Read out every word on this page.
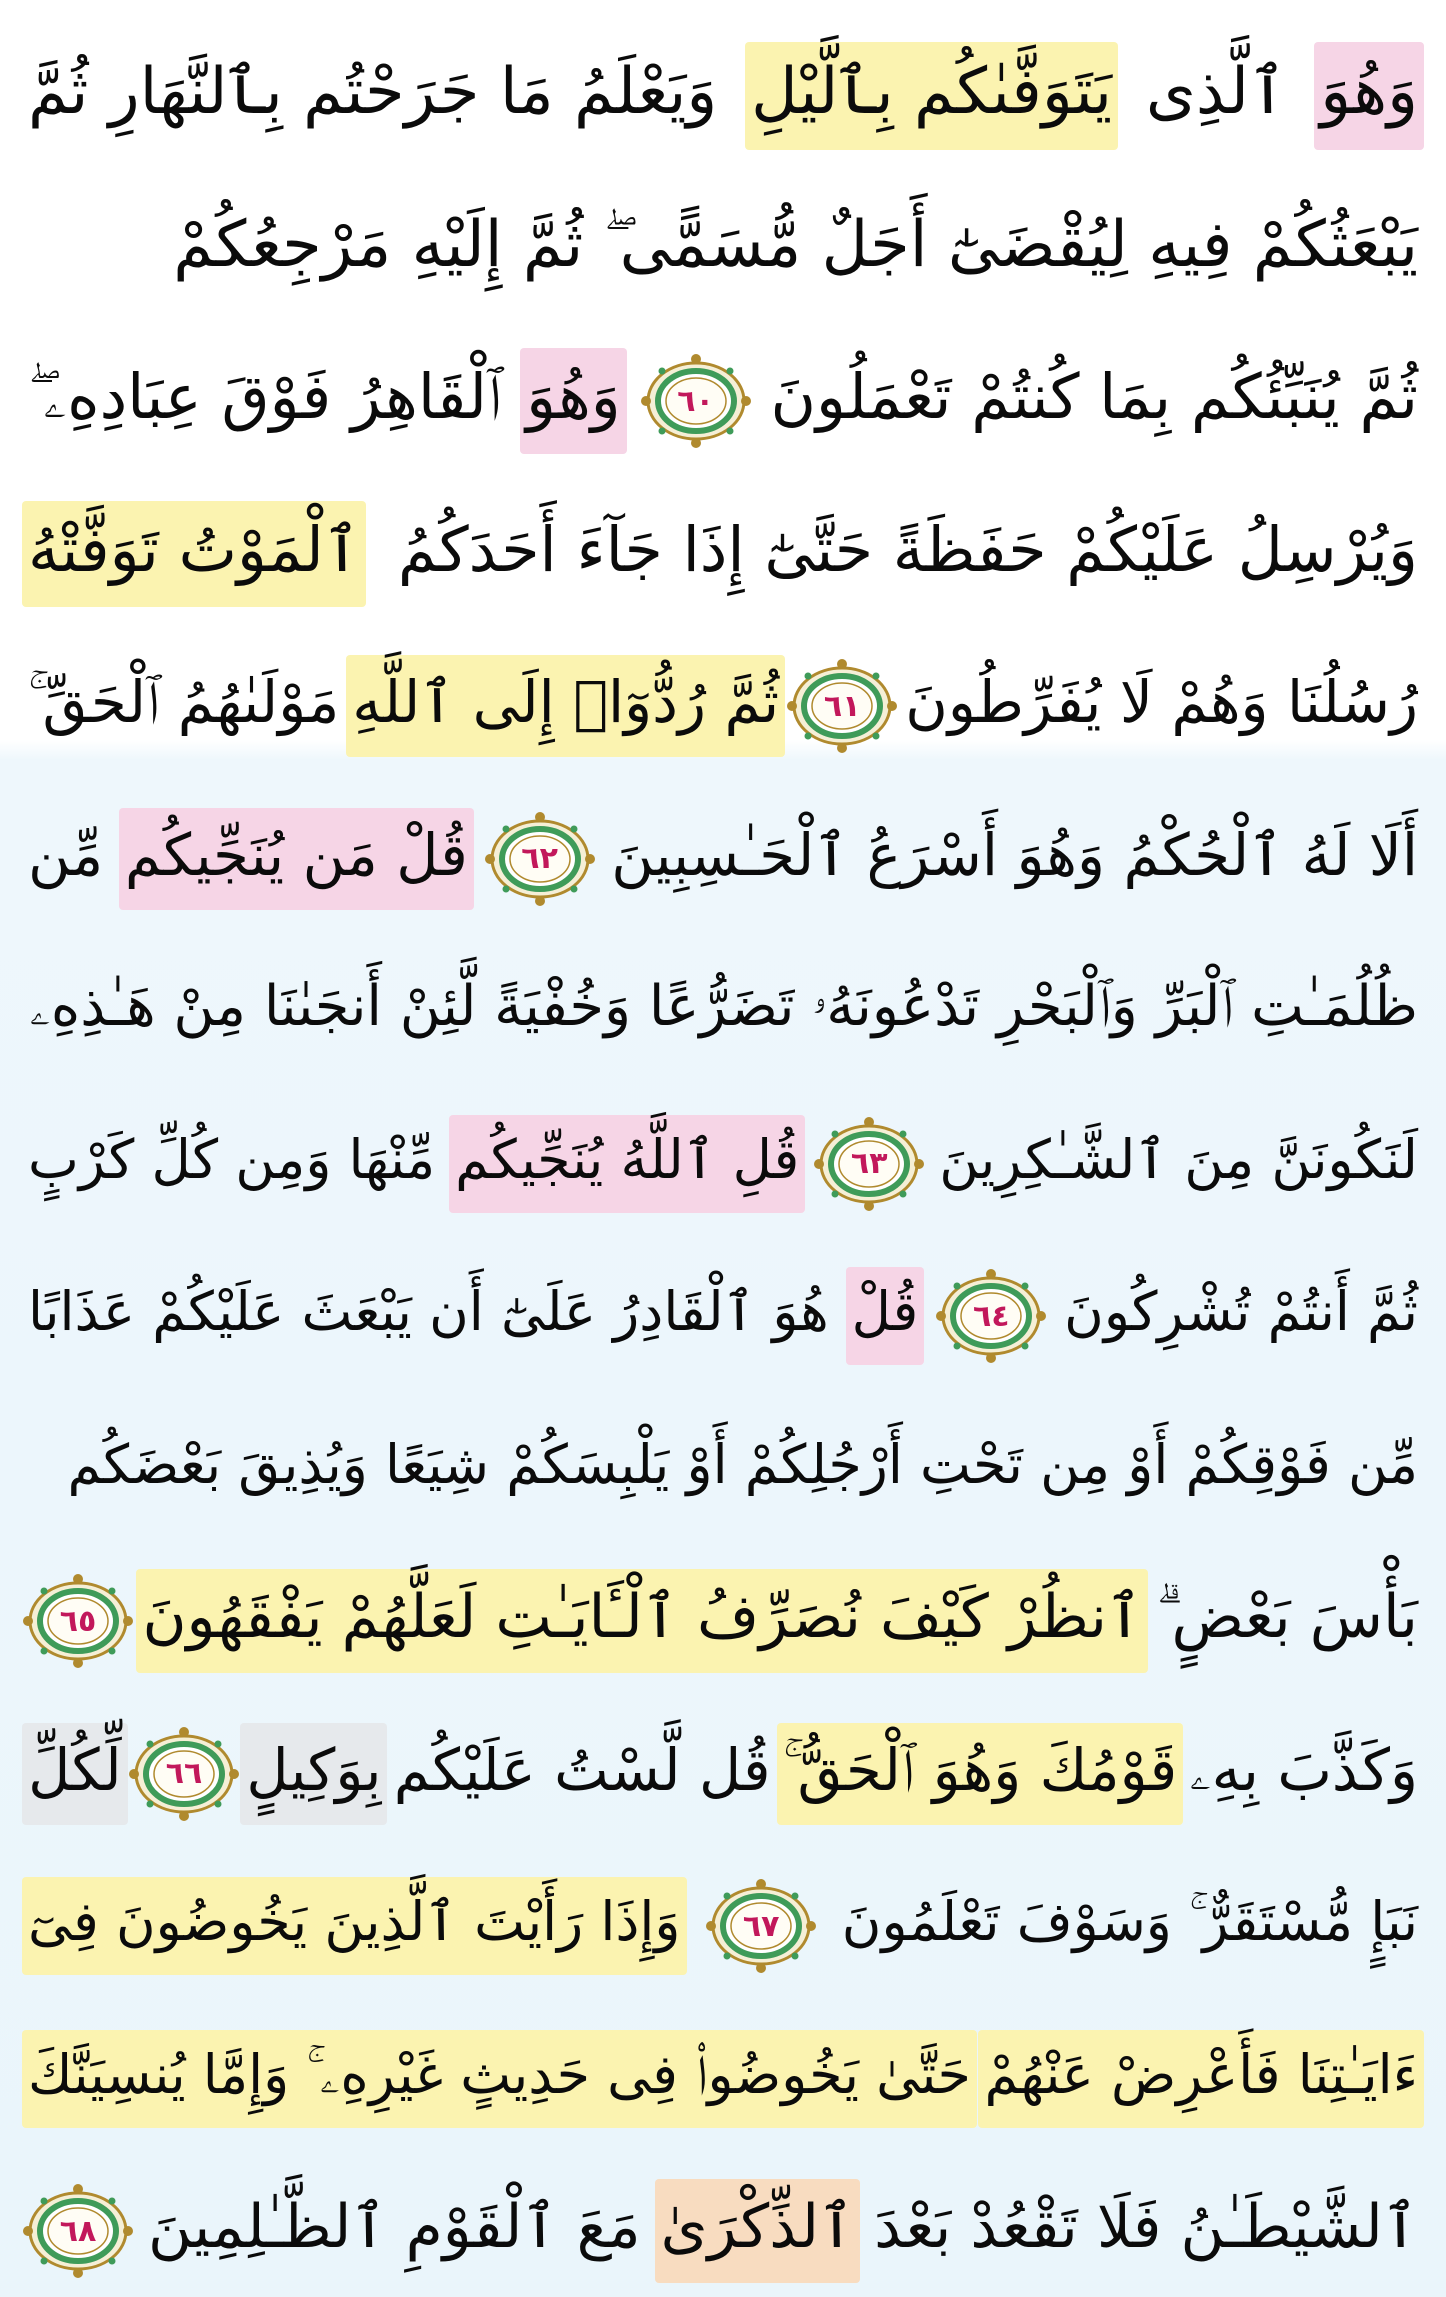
وَهُوَ
ٱلَّذِى
يَتَوَفَّىٰكُم بِٱلَّيْلِ
وَيَعْلَمُ مَا جَرَحْتُم بِٱلنَّهَارِ ثُمَّ
يَبْعَثُكُمْ فِيهِ لِيُقْضَىٰٓ أَجَلٌ مُّسَمًّى ۖ ثُمَّ إِلَيْهِ مَرْجِعُكُمْ
ثُمَّ يُنَبِّئُكُم بِمَا كُنتُمْ تَعْمَلُونَ
٦٠
وَهُوَ
ٱلْقَاهِرُ فَوْقَ عِبَادِهِۦ ۖ
وَيُرْسِلُ عَلَيْكُمْ حَفَظَةً حَتَّىٰٓ إِذَا جَآءَ أَحَدَكُمُ
ٱلْمَوْتُ تَوَفَّتْهُ
رُسُلُنَا وَهُمْ لَا يُفَرِّطُونَ
٦١
ثُمَّ رُدُّوٓا۟ إِلَى ٱللَّهِ
مَوْلَىٰهُمُ ٱلْحَقِّ ۚ
أَلَا لَهُ ٱلْحُكْمُ وَهُوَ أَسْرَعُ ٱلْحَـٰسِبِينَ
٦٢
قُلْ مَن يُنَجِّيكُم
مِّن
ظُلُمَـٰتِ ٱلْبَرِّ وَٱلْبَحْرِ تَدْعُونَهُۥ تَضَرُّعًا وَخُفْيَةً لَّئِنْ أَنجَىٰنَا مِنْ هَـٰذِهِۦ
لَنَكُونَنَّ مِنَ ٱلشَّـٰكِرِينَ
٦٣
قُلِ ٱللَّهُ يُنَجِّيكُم
مِّنْهَا وَمِن كُلِّ كَرْبٍ
ثُمَّ أَنتُمْ تُشْرِكُونَ
٦٤
قُلْ
هُوَ ٱلْقَادِرُ عَلَىٰٓ أَن يَبْعَثَ عَلَيْكُمْ عَذَابًا
مِّن فَوْقِكُمْ أَوْ مِن تَحْتِ أَرْجُلِكُمْ أَوْ يَلْبِسَكُمْ شِيَعًا وَيُذِيقَ بَعْضَكُم
بَأْسَ بَعْضٍ ۗ
ٱنظُرْ كَيْفَ نُصَرِّفُ ٱلْـَٔايَـٰتِ لَعَلَّهُمْ يَفْقَهُونَ
٦٥
وَكَذَّبَ بِهِۦ
قَوْمُكَ وَهُوَ ٱلْحَقُّ ۚ
قُل لَّسْتُ عَلَيْكُم
بِوَكِيلٍ
٦٦
لِّكُلِّ
نَبَإٍ مُّسْتَقَرٌّ ۚ وَسَوْفَ تَعْلَمُونَ
٦٧
وَإِذَا رَأَيْتَ ٱلَّذِينَ يَخُوضُونَ فِىٓ
ءَايَـٰتِنَا فَأَعْرِضْ عَنْهُمْ
حَتَّىٰ يَخُوضُوا۟ فِى حَدِيثٍ غَيْرِهِۦ ۚ وَإِمَّا يُنسِيَنَّكَ
ٱلشَّيْطَـٰنُ فَلَا تَقْعُدْ بَعْدَ
ٱلذِّكْرَىٰ
مَعَ ٱلْقَوْمِ ٱلظَّـٰلِمِينَ
٦٨
